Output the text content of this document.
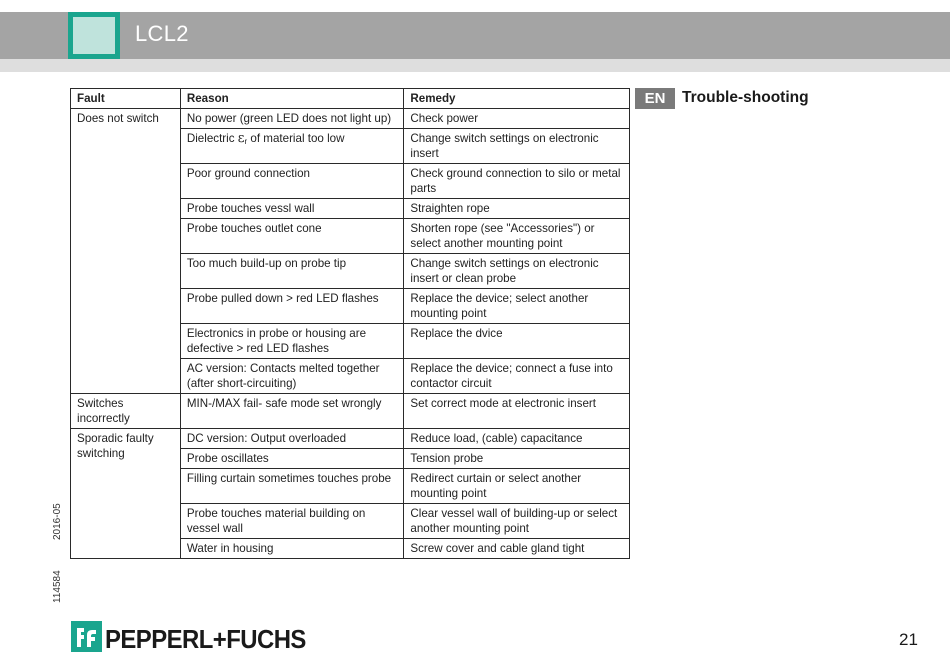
LCL2
Fault	Reason	Remedy
Does not switch	No power (green LED does not light up)	Check power
	Dielectric $\varepsilon_r$ of material too low	Change switch settings on electronic insert
	Poor ground connection	Check ground connection to silo or metal parts
	Probe touches vessl wall	Straighten rope
	Probe touches outlet cone	Shorten rope (see "Accessories") or select another mounting point
	Too much build-up on probe tip	Change switch settings on electronic insert or clean probe
	Probe pulled down > red LED flashes	Replace the device; select another mounting point
	Electronics in probe or housing are defective > red LED flashes	Replace the dvice
	AC version: Contacts melted together (after short-circuiting)	Replace the device; connect a fuse into contactor circuit
Switches incorrectly	MIN-/MAX fail- safe mode set wrongly	Set correct mode at electronic insert
Sporadic faulty switching	DC version: Output overloaded	Reduce load, (cable) capacitance
	Probe oscillates	Tension probe
	Filling curtain sometimes touches probe	Redirect curtain or select another mounting point
	Probe touches material building on vessel wall	Clear vessel wall of building-up or select another mounting point
	Water in housing	Screw cover and cable gland tight
EN	Trouble-shooting
2016-05
114584
PEPPERL+FUCHS	21
